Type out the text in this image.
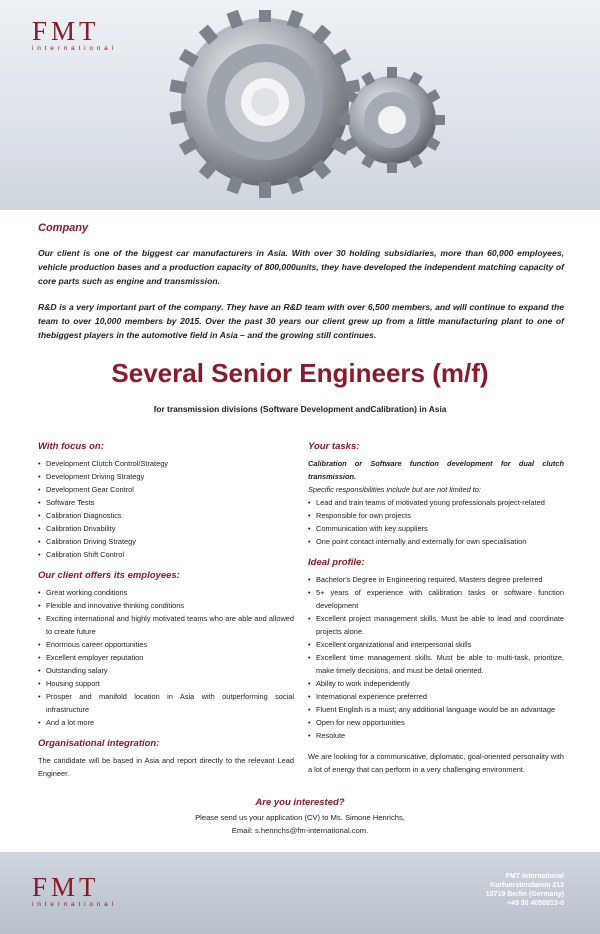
FMT
international
Company

Our client is one of the biggest car manufacturers in Asia. With over 30 holding subsidiaries, more than 60,000 employees, vehicle production bases and a production capacity of 800,000units, they have developed the independent matching capacity of core parts such as engine and transmission.

R&D is a very important part of the company. They have an R&D team with over 6,500 members, and will continue to expand the team to over 10,000 members by 2015. Over the past 30 years our client grew up from a little manufacturing plant to one of thebiggest players in the automotive field in Asia – and the growing still continues.

Several Senior Engineers (m/f)
for transmission divisions (Software Development andCalibration) in Asia
With focus on:
• Development Clutch Control/Strategy
• Development Driving Strategy
• Development Gear Control
• Software Tests
• Calibration Diagnostics
• Calibration Drivability
• Calibration Driving Strategy
• Calibration Shift Control
Our client offers its employees:
• Great working conditions
• Flexible and innovative thinking conditions
• Exciting international and highly motivated teams who are able and allowed to create future
• Enormous career opportunities
• Excellent employer reputation
• Outstanding salary
• Housing support
• Prosper and manifold location in Asia with outperforming social infrastructure
• And a lot more
Organisational integration:

The candidate will be based in Asia and report directly to the relevant Lead Engineer.

Your tasks:
Calibration or Software function development for dual clutch transmission.
Specific responsibilities include but are not limited to:
• Lead and train teams of motivated young professionals project-related
• Responsible for own projects
• Communication with key suppliers
• One point contact internally and externally for own specialisation
Ideal profile:
• Bachelor's Degree in Engineering required, Masters degree preferred
• 5+ years of experience with calibration tasks or software function development
• Excellent project management skills. Must be able to lead and coordinate projects alone.
• Excellent organizational and interpersonal skills
• Excellent time management skills. Must be able to multi-task, prioritize, make timely decisions, and must be detail oriented.
• Ability to work independently
• International experience preferred
• Fluent English is a must; any additional language would be an advantage
• Open for new opportunities
• Resolute

We are looking for a communicative, diplomatic, goal-oriented personality with a lot of energy that can perform in a very challenging environment.

Are you interested?
Please send us your application (CV) to Ms. Simone Henrichs,
Email: s.henrichs@fm-international.com.
FMT
international
FMT International
Kurfuerstendamm 213
10719 Berlin (Germany)
+49 30 4050813-0
